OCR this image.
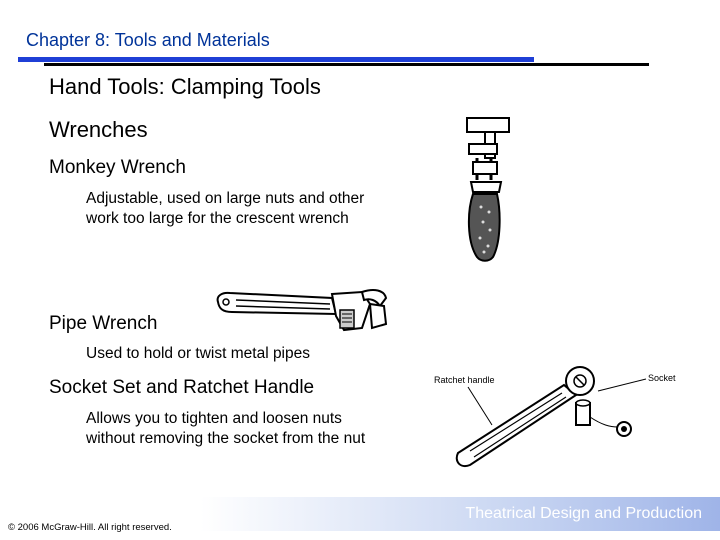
Chapter 8: Tools and Materials
Hand Tools: Clamping Tools
Wrenches
Monkey Wrench
Adjustable, used on large nuts and other
work too large for the crescent wrench
Pipe Wrench
Used to hold or twist metal pipes
Socket Set and Ratchet Handle
Allows you to tighten and loosen nuts
without removing the socket from the nut
Ratchet handle	Socket
Theatrical Design and Production
© 2006 McGraw-Hill. All right reserved.
